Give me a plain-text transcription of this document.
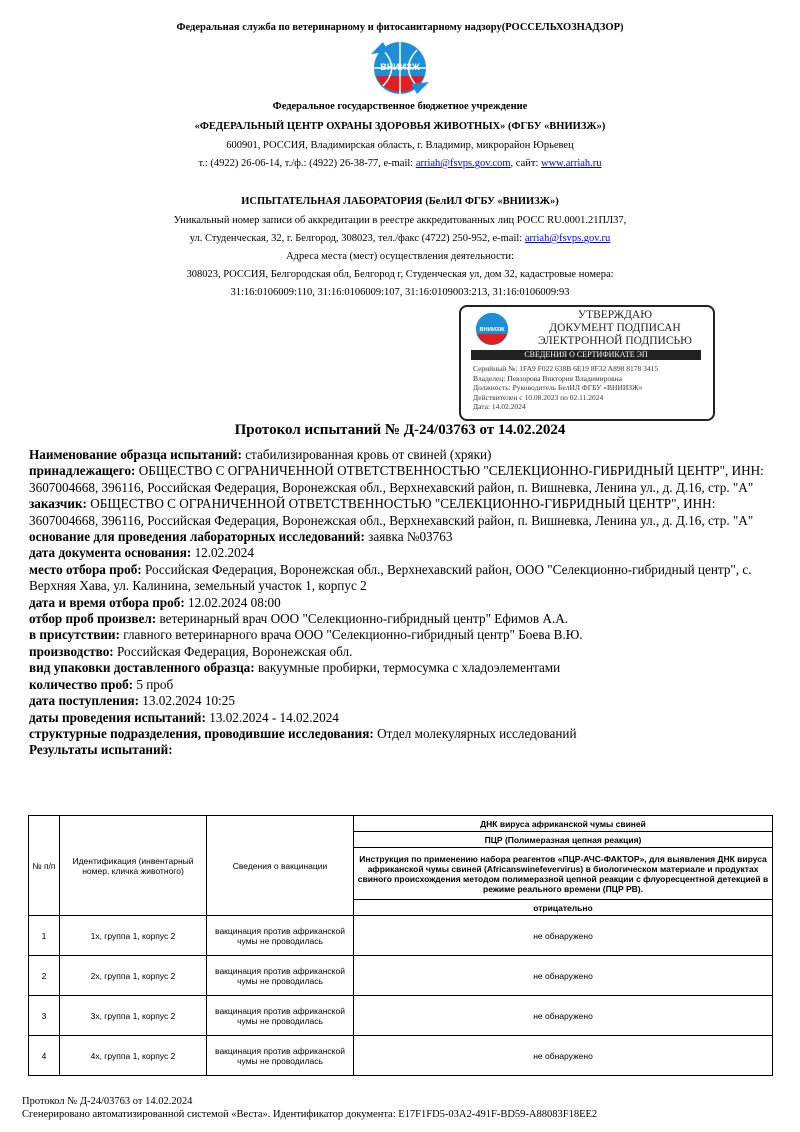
Федеральная служба по ветеринарному и фитосанитарному надзору(РОССЕЛЬХОЗНАДЗОР)
ВНИИЗЖ
Федеральное государственное бюджетное учреждение
«ФЕДЕРАЛЬНЫЙ ЦЕНТР ОХРАНЫ ЗДОРОВЬЯ ЖИВОТНЫХ» (ФГБУ «ВНИИЗЖ»)
600901, РОССИЯ, Владимирская область, г. Владимир, микрорайон Юрьевец
т.: (4922) 26-06-14, т./ф.: (4922) 26-38-77, e-mail: arriah@fsvps.gov.com, сайт: www.arriah.ru
ИСПЫТАТЕЛЬНАЯ ЛАБОРАТОРИЯ (БелИЛ ФГБУ «ВНИИЗЖ»)
Уникальный номер записи об аккредитации в реестре аккредитованных лиц РОСС RU.0001.21ПЛ37,
ул. Студенческая, 32, г. Белгород, 308023, тел./факс (4722) 250-952, e-mail: arriah@fsvps.gov.ru
Адреса места (мест) осуществления деятельности:
308023, РОССИЯ, Белгородская обл, Белгород г, Студенческая ул, дом 32, кадастровые номера:
31:16:0106009:110, 31:16:0106009:107, 31:16:0109003:213, 31:16:0106009:93
ВНИИЗЖ
УТВЕРЖДАЮ
ДОКУМЕНТ ПОДПИСАН
ЭЛЕКТРОННОЙ ПОДПИСЬЮ
СВЕДЕНИЯ О СЕРТИФИКАТЕ ЭП
Серийный №: 1FA9 F022 638B 6E19 8F32 A898 8178 3415
Владелец: Певзорова Виктория Владимировна
Должность: Руководитель БелИЛ ФГБУ «ВНИИЗЖ»
Действителен с 10.08.2023 по 02.11.2024
Дата: 14.02.2024
Протокол испытаний № Д-24/03763 от 14.02.2024

Наименование образца испытаний: стабилизированная кровь от свиней (хряки)

принадлежащего: ОБЩЕСТВО С ОГРАНИЧЕННОЙ ОТВЕТСТВЕННОСТЬЮ "СЕЛЕКЦИОННО-ГИБРИДНЫЙ ЦЕНТР", ИНН: 3607004668, 396116, Российская Федерация, Воронежская обл., Верхнехавский район, п. Вишневка, Ленина ул., д. Д.16, стр. "А"

заказчик: ОБЩЕСТВО С ОГРАНИЧЕННОЙ ОТВЕТСТВЕННОСТЬЮ "СЕЛЕКЦИОННО-ГИБРИДНЫЙ ЦЕНТР", ИНН: 3607004668, 396116, Российская Федерация, Воронежская обл., Верхнехавский район, п. Вишневка, Ленина ул., д. Д.16, стр. "А"

основание для проведения лабораторных исследований: заявка №03763

дата документа основания: 12.02.2024

место отбора проб: Российская Федерация, Воронежская обл., Верхнехавский район, ООО "Селекционно-гибридный центр", с. Верхняя Хава, ул. Калинина, земельный участок 1, корпус 2

дата и время отбора проб: 12.02.2024 08:00

отбор проб произвел: ветеринарный врач ООО "Селекционно-гибридный центр" Ефимов А.А.

в присутствии: главного ветеринарного врача ООО "Селекционно-гибридный центр" Боева В.Ю.

производство: Российская Федерация, Воронежская обл.

вид упаковки доставленного образца: вакуумные пробирки, термосумка с хладоэлементами

количество проб: 5 проб

дата поступления: 13.02.2024 10:25

даты проведения испытаний: 13.02.2024 - 14.02.2024

структурные подразделения, проводившие исследования: Отдел молекулярных исследований

Результаты испытаний:

№ п/п	Идентификация (инвентарный номер, кличка животного)	Сведения о вакцинации	ДНК вируса африканской чумы свиней
			ПЦР (Полимеразная цепная реакция)
			Инструкция по применению набора реагентов «ПЦР-АЧС-ФАКТОР», для выявления ДНК вируса африканской чумы свиней (Africanswinefevervirus) в биологическом материале и продуктах свиного происхождения методом полимеразной цепной реакции с флуоресцентной детекцией в режиме реального времени (ПЦР РВ).
			отрицательно
1	1х, группа 1, корпус 2	вакцинация против африканской чумы не проводилась	не обнаружено
2	2х, группа 1, корпус 2	вакцинация против африканской чумы не проводилась	не обнаружено
3	3х, группа 1, корпус 2	вакцинация против африканской чумы не проводилась	не обнаружено
4	4х, группа 1, корпус 2	вакцинация против африканской чумы не проводилась	не обнаружено
Протокол № Д-24/03763 от 14.02.2024
Сгенерировано автоматизированной системой «Веста». Идентификатор документа: E17F1FD5-03A2-491F-BD59-A88083F18EE2
